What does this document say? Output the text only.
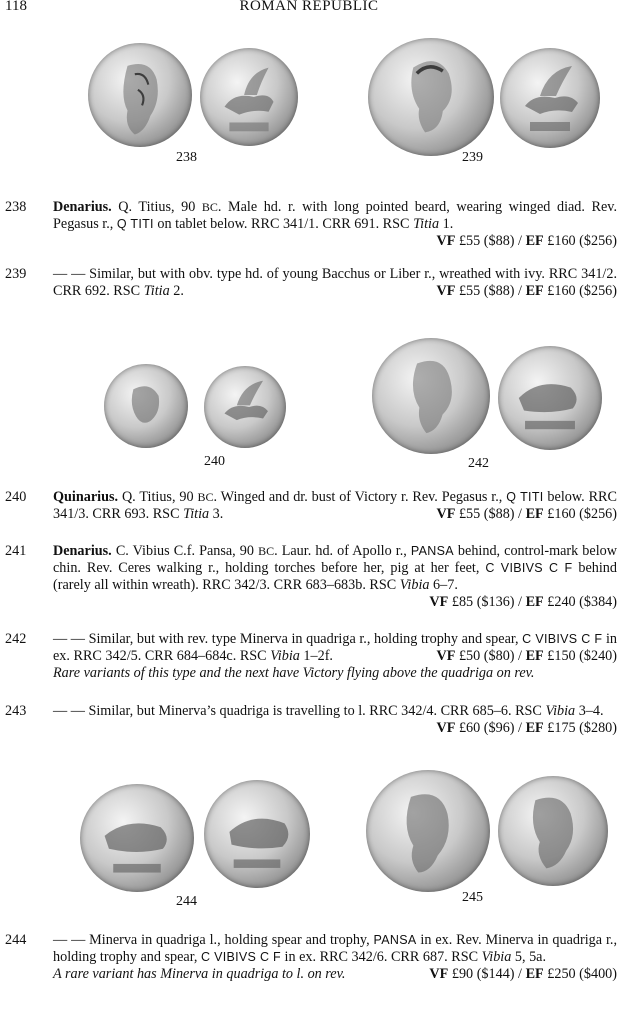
118	ROMAN REPUBLIC
238	239
238 Denarius. Q. Titius, 90 BC. Male hd. r. with long pointed beard, wearing winged diad. Rev. Pegasus r., Q TITI on tablet below. RRC 341/1. CRR 691. RSC Titia 1.

VF £55 ($88) / EF £160 ($256)

239 — — Similar, but with obv. type hd. of young Bacchus or Liber r., wreathed with ivy. RRC 341/2. CRR 692. RSC Titia 2.	VF £55 ($88) / EF £160 ($256)

240	242
240 Quinarius. Q. Titius, 90 BC. Winged and dr. bust of Victory r. Rev. Pegasus r., Q TITI below. RRC 341/3. CRR 693. RSC Titia 3.	VF £55 ($88) / EF £160 ($256)

241 Denarius. C. Vibius C.f. Pansa, 90 BC. Laur. hd. of Apollo r., PANSA behind, control-mark below chin. Rev. Ceres walking r., holding torches before her, pig at her feet, C VIBIVS C F behind (rarely all within wreath). RRC 342/3. CRR 683–683b. RSC Vibia 6–7.

VF £85 ($136) / EF £240 ($384)

242 — — Similar, but with rev. type Minerva in quadriga r., holding trophy and spear, C VIBIVS C F in ex. RRC 342/5. CRR 684–684c. RSC Vibia 1–2f.	VF £50 ($80) / EF £150 ($240)

Rare variants of this type and the next have Victory flying above the quadriga on rev.

243 — — Similar, but Minerva’s quadriga is travelling to l. RRC 342/4. CRR 685–6. RSC Vibia 3–4.
VF £60 ($96) / EF £175 ($280)

244	245
244 — — Minerva in quadriga l., holding spear and trophy, PANSA in ex. Rev. Minerva in quadriga r., holding trophy and spear, C VIBIVS C F in ex. RRC 342/6. CRR 687. RSC Vibia 5, 5a.
VF £90 ($144) / EF £250 ($400)

A rare variant has Minerva in quadriga to l. on rev.
